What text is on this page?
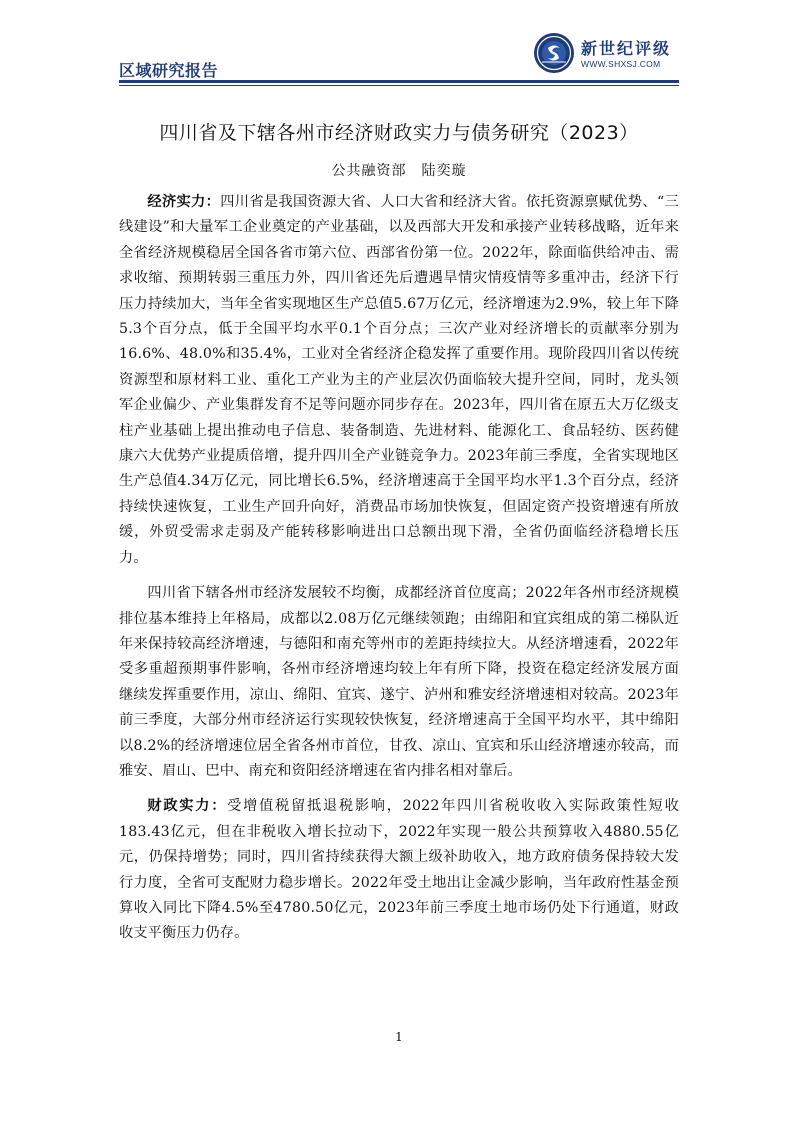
区域研究报告
新世纪评级
WWW.SHXSJ.COM
四川省及下辖各州市经济财政实力与债务研究（2023）
公共融资部　陆奕璇

经济实力：四川省是我国资源大省、人口大省和经济大省。依托资源禀赋优势、“三线建设”和大量军工企业奠定的产业基础，以及西部大开发和承接产业转移战略，近年来全省经济规模稳居全国各省市第六位、西部省份第一位。2022年，除面临供给冲击、需求收缩、预期转弱三重压力外，四川省还先后遭遇旱情灾情疫情等多重冲击，经济下行压力持续加大，当年全省实现地区生产总值5.67万亿元，经济增速为2.9%，较上年下降5.3个百分点，低于全国平均水平0.1个百分点；三次产业对经济增长的贡献率分别为16.6%、48.0%和35.4%，工业对全省经济企稳发挥了重要作用。现阶段四川省以传统资源型和原材料工业、重化工产业为主的产业层次仍面临较大提升空间，同时，龙头领军企业偏少、产业集群发育不足等问题亦同步存在。2023年，四川省在原五大万亿级支柱产业基础上提出推动电子信息、装备制造、先进材料、能源化工、食品轻纺、医药健康六大优势产业提质倍增，提升四川全产业链竞争力。2023年前三季度，全省实现地区生产总值4.34万亿元，同比增长6.5%，经济增速高于全国平均水平1.3个百分点，经济持续快速恢复，工业生产回升向好，消费品市场加快恢复，但固定资产投资增速有所放缓，外贸受需求走弱及产能转移影响进出口总额出现下滑，全省仍面临经济稳增长压力。

四川省下辖各州市经济发展较不均衡，成都经济首位度高；2022年各州市经济规模排位基本维持上年格局，成都以2.08万亿元继续领跑；由绵阳和宜宾组成的第二梯队近年来保持较高经济增速，与德阳和南充等州市的差距持续拉大。从经济增速看，2022年受多重超预期事件影响，各州市经济增速均较上年有所下降，投资在稳定经济发展方面继续发挥重要作用，凉山、绵阳、宜宾、遂宁、泸州和雅安经济增速相对较高。2023年前三季度，大部分州市经济运行实现较快恢复，经济增速高于全国平均水平，其中绵阳以8.2%的经济增速位居全省各州市首位，甘孜、凉山、宜宾和乐山经济增速亦较高，而雅安、眉山、巴中、南充和资阳经济增速在省内排名相对靠后。

财政实力：受增值税留抵退税影响，2022年四川省税收收入实际政策性短收183.43亿元，但在非税收入增长拉动下，2022年实现一般公共预算收入4880.55亿元，仍保持增势；同时，四川省持续获得大额上级补助收入，地方政府债务保持较大发行力度，全省可支配财力稳步增长。2022年受土地出让金减少影响，当年政府性基金预算收入同比下降4.5%至4780.50亿元，2023年前三季度土地市场仍处下行通道，财政收支平衡压力仍存。

1
